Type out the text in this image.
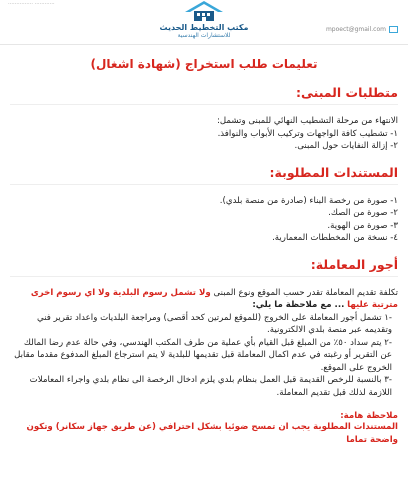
…………… …………
مكتب التخطيط الحديث
للاستشارات الهندسية
mpoect@gmail.com
تعليمات طلب استخراج (شهادة اشغال)
متطلبات المبنى:

الانتهاء من مرحلة التشطيب النهائي للمبنى وتشمل:

١- تشطيب كافة الواجهات وتركيب الأبواب والنوافذ.

٢- إزالة النفايات حول المبنى.

المستندات المطلوبة:

١- صورة من رخصة البناء (صادرة من منصة بلدي).

٢- صورة من الصك.

٣- صورة من الهوية.

٤- نسخة من المخططات المعمارية.

أجور المعاملة:

تكلفة تقديم المعاملة تقدر حسب الموقع ونوع المبنى ولا تشمل رسوم البلدية ولا اي رسوم اخرى مترتبة عليها ... مع ملاحظة ما يلي:

-١ تشمل أجور المعاملة على الخروج (للموقع لمرتين كحد أقصى) ومراجعة البلديات واعداد تقرير فني وتقديمه عبر منصة بلدي الالكترونية.

-٢ يتم سداد ٥٠٪ من المبلغ قبل القيام بأي عملية من طرف المكتب الهندسي، وفي حالة عدم رضا المالك عن التقرير أو رغبته في عدم اكمال المعاملة قبل تقديمها للبلدية لا يتم استرجاع المبلغ المدفوع مقدما مقابل الخروج على الموقع.

-٣ بالنسبة للرخص القديمة قبل العمل بنظام بلدي يلزم ادخال الرخصة الى نظام بلدي واجراء المعاملات اللازمة لذلك قبل تقديم المعاملة.

ملاحظة هامة:

المستندات المطلوبة يجب ان تمسح ضوئيا بشكل احترافي (عن طريق جهاز سكانر) وتكون واضحة تماما
